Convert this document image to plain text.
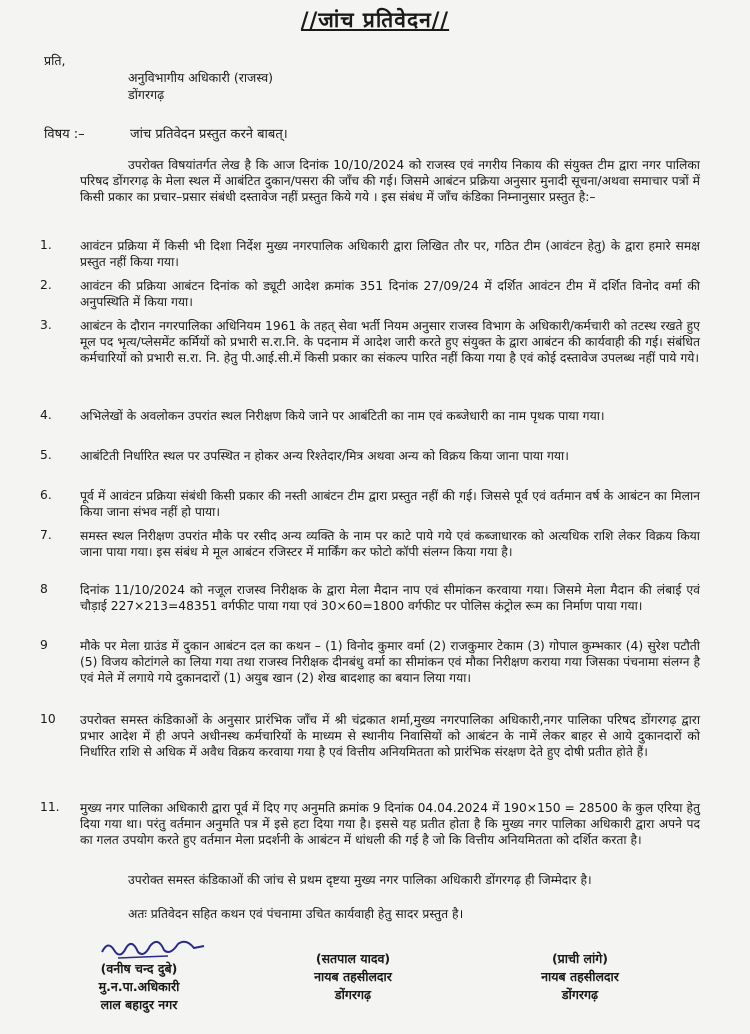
//जांच प्रतिवेदन//
प्रति,
अनुविभागीय अधिकारी (राजस्व)
डोंगरगढ़
विषय :–	जांच प्रतिवेदन प्रस्तुत करने बाबत्।
उपरोक्त विषयांतर्गत लेख है कि आज दिनांक 10/10/2024 को राजस्व एवं नगरीय निकाय की संयुक्त टीम द्वारा नगर पालिका परिषद डोंगरगढ़ के मेला स्थल में आबंटित दुकान/पसरा की जाँच की गई। जिसमे आबंटन प्रक्रिया अनुसार मुनादी सूचना/अथवा समाचार पत्रों में किसी प्रकार का प्रचार–प्रसार संबंधी दस्तावेज नहीं प्रस्तुत किये गये । इस संबंध में जाँच कंडिका निम्नानुसार प्रस्तुत है:–
1. आवंटन प्रक्रिया में किसी भी दिशा निर्देश मुख्य नगरपालिक अधिकारी द्वारा लिखित तौर पर, गठित टीम (आवंटन हेतु) के द्वारा हमारे समक्ष प्रस्तुत नहीं किया गया।
2. आवंटन की प्रक्रिया आबंटन दिनांक को ड्यूटी आदेश क्रमांक 351 दिनांक 27/09/24 में दर्शित आवंटन टीम में दर्शित विनोद वर्मा की अनुपस्थिति में किया गया।
3. आबंटन के दौरान नगरपालिका अधिनियम 1961 के तहत् सेवा भर्ती नियम अनुसार राजस्व विभाग के अधिकारी/कर्मचारी को तटस्थ रखते हुए मूल पद भृत्य/प्लेसमेंट कर्मियों को प्रभारी स.रा.नि. के पदनाम में आदेश जारी करते हुए संयुक्त के द्वारा आबंटन की कार्यवाही की गई। संबंधित कर्मचारियों को प्रभारी स.रा. नि. हेतु पी.आई.सी.में किसी प्रकार का संकल्प पारित नहीं किया गया है एवं कोई दस्तावेज उपलब्ध नहीं पाये गये।
4. अभिलेखों के अवलोकन उपरांत स्थल निरीक्षण किये जाने पर आबंटिती का नाम एवं कब्जेधारी का नाम पृथक पाया गया।
5. आबंटिती निर्धारित स्थल पर उपस्थित न होकर अन्य रिश्तेदार/मित्र अथवा अन्य को विक्रय किया जाना पाया गया।
6. पूर्व में आवंटन प्रक्रिया संबंधी किसी प्रकार की नस्ती आबंटन टीम द्वारा प्रस्तुत नहीं की गई। जिससे पूर्व एवं वर्तमान वर्ष के आबंटन का मिलान किया जाना संभव नहीं हो पाया।
7. समस्त स्थल निरीक्षण उपरांत मौके पर रसीद अन्य व्यक्ति के नाम पर काटे पाये गये एवं कब्जाधारक को अत्यधिक राशि लेकर विक्रय किया जाना पाया गया। इस संबंध मे मूल आबंटन रजिस्टर में मार्किंग कर फोटो कॉपी संलग्न किया गया है।
8	दिनांक 11/10/2024 को नजूल राजस्व निरीक्षक के द्वारा मेला मैदान नाप एवं सीमांकन करवाया गया। जिसमे मेला मैदान की लंबाई एवं चौड़ाई 227×213=48351 वर्गफीट पाया गया एवं 30×60=1800 वर्गफीट पर पोलिस कंट्रोल रूम का निर्माण पाया गया।
9	मौके पर मेला ग्राउंड में दुकान आबंटन दल का कथन – (1) विनोद कुमार वर्मा (2) राजकुमार टेकाम (3) गोपाल कुम्भकार (4) सुरेश पटौती (5) विजय कोटांगले का लिया गया तथा राजस्व निरीक्षक दीनबंधु वर्मा का सीमांकन एवं मौका निरीक्षण कराया गया जिसका पंचनामा संलग्न है एवं मेले में लगाये गये दुकानदारों (1) अयुब खान (2) शेख बादशाह का बयान लिया गया।
10 उपरोक्त समस्त कंडिकाओं के अनुसार प्रारंभिक जाँच में श्री चंद्रकात शर्मा,मुख्य नगरपालिका अधिकारी,नगर पालिका परिषद डोंगरगढ़ द्वारा प्रभार आदेश में ही अपने अधीनस्थ कर्मचारियों के माध्यम से स्थानीय निवासियों को आबंटन के नामें लेकर बाहर से आये दुकानदारों को निर्धारित राशि से अधिक में अवैध विक्रय करवाया गया है एवं वित्तीय अनियमितता को प्रारंभिक संरक्षण देते हुए दोषी प्रतीत होते हैं।
11. मुख्य नगर पालिका अधिकारी द्वारा पूर्व में दिए गए अनुमति क्रमांक 9 दिनांक 04.04.2024 में 190×150 = 28500 के कुल एरिया हेतु दिया गया था। परंतु वर्तमान अनुमति पत्र में इसे हटा दिया गया है। इससे यह प्रतीत होता है कि मुख्य नगर पालिका अधिकारी द्वारा अपने पद का गलत उपयोग करते हुए वर्तमान मेला प्रदर्शनी के आबंटन में धांधली की गई है जो कि वित्तीय अनियमितता को दर्शित करता है।
उपरोक्त समस्त कंडिकाओं की जांच से प्रथम दृष्टया मुख्य नगर पालिका अधिकारी डोंगरगढ़ ही जिम्मेदार है।
अतः प्रतिवेदन सहित कथन एवं पंचनामा उचित कार्यवाही हेतु सादर प्रस्तुत है।
(वनीष चन्द दुबे)
मु.न.पा.अधिकारी
लाल बहादुर नगर
(सतपाल यादव)
नायब तहसीलदार
डोंगरगढ़
(प्राची लांगे)
नायब तहसीलदार
डोंगरगढ़
